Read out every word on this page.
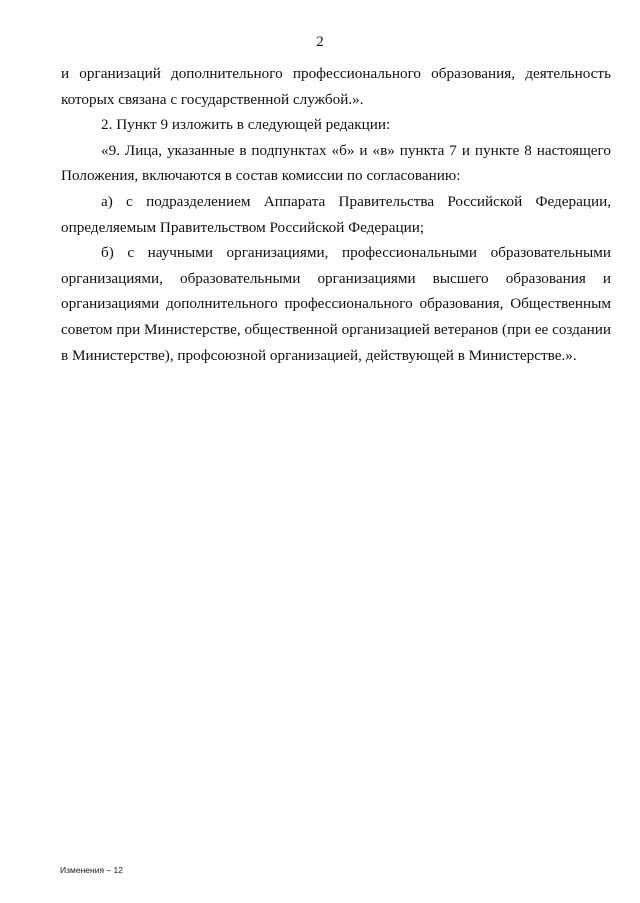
2

и организаций дополнительного профессионального образования, деятельность которых связана с государственной службой.».

2. Пункт 9 изложить в следующей редакции:

«9. Лица, указанные в подпунктах «б» и «в» пункта 7 и пункте 8 настоящего Положения, включаются в состав комиссии по согласованию:

а) с подразделением Аппарата Правительства Российской Федерации, определяемым Правительством Российской Федерации;

б) с научными организациями, профессиональными образовательными организациями, образовательными организациями высшего образования и организациями дополнительного профессионального образования, Общественным советом при Министерстве, общественной организацией ветеранов (при ее создании в Министерстве), профсоюзной организацией, действующей в Министерстве.».

Изменения – 12
